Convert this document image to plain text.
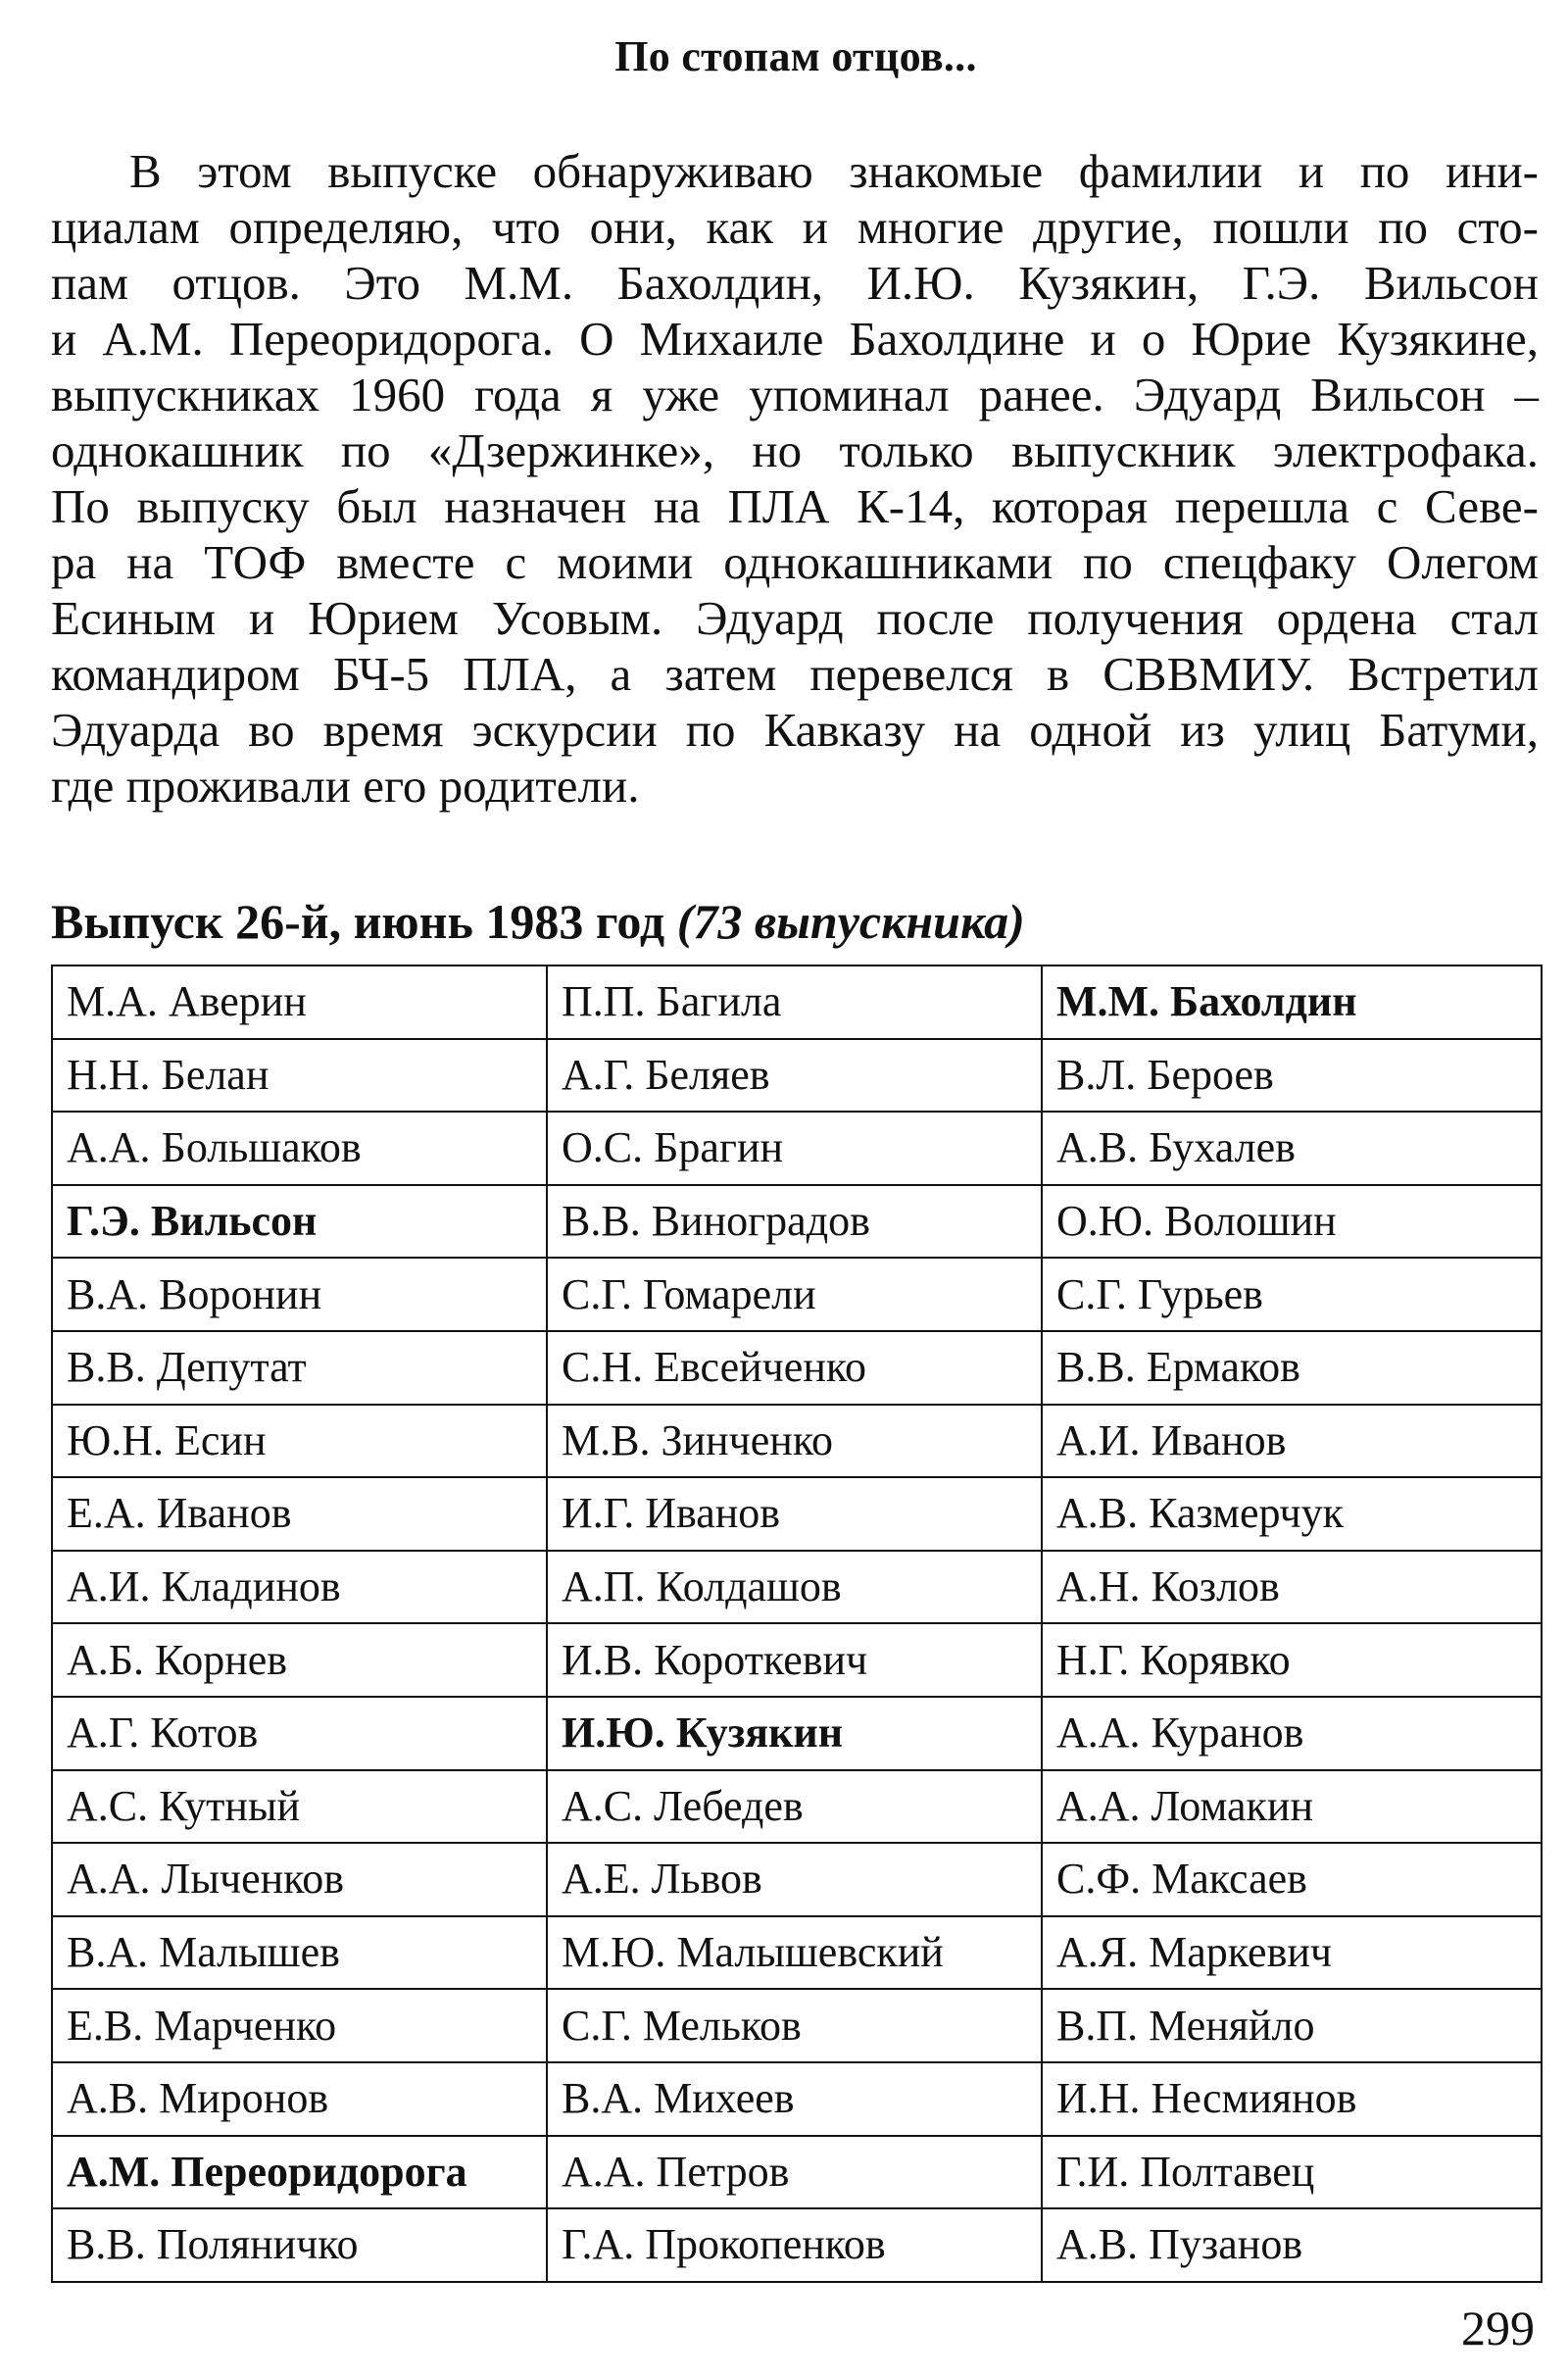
По стопам отцов...
В этом выпуске обнаруживаю знакомые фамилии и по ини-
циалам определяю, что они, как и многие другие, пошли по сто-
пам отцов. Это М.М. Бахолдин, И.Ю. Кузякин, Г.Э. Вильсон
и А.М. Переоридорога. О Михаиле Бахолдине и о Юрие Кузякине,
выпускниках 1960 года я уже упоминал ранее. Эдуард Вильсон –
однокашник по «Дзержинке», но только выпускник электрофака.
По выпуску был назначен на ПЛА К-14, которая перешла с Севе-
ра на ТОФ вместе с моими однокашниками по спецфаку Олегом
Есиным и Юрием Усовым. Эдуард после получения ордена стал
командиром БЧ-5 ПЛА, а затем перевелся в СВВМИУ. Встретил
Эдуарда во время эскурсии по Кавказу на одной из улиц Батуми,
где проживали его родители.
Выпуск 26-й, июнь 1983 год (73 выпускника)
М.А. Аверин	П.П. Багила	М.М. Бахолдин
Н.Н. Белан	А.Г. Беляев	В.Л. Бероев
А.А. Большаков	О.С. Брагин	А.В. Бухалев
Г.Э. Вильсон	В.В. Виноградов	О.Ю. Волошин
В.А. Воронин	С.Г. Гомарели	С.Г. Гурьев
В.В. Депутат	С.Н. Евсейченко	В.В. Ермаков
Ю.Н. Есин	М.В. Зинченко	А.И. Иванов
Е.А. Иванов	И.Г. Иванов	А.В. Казмерчук
А.И. Кладинов	А.П. Колдашов	А.Н. Козлов
А.Б. Корнев	И.В. Короткевич	Н.Г. Корявко
А.Г. Котов	И.Ю. Кузякин	А.А. Куранов
А.С. Кутный	А.С. Лебедев	А.А. Ломакин
А.А. Лыченков	А.Е. Львов	С.Ф. Максаев
В.А. Малышев	М.Ю. Малышевский	А.Я. Маркевич
Е.В. Марченко	С.Г. Мельков	В.П. Меняйло
А.В. Миронов	В.А. Михеев	И.Н. Несмиянов
А.М. Переоридорога	А.А. Петров	Г.И. Полтавец
В.В. Поляничко	Г.А. Прокопенков	А.В. Пузанов
299
